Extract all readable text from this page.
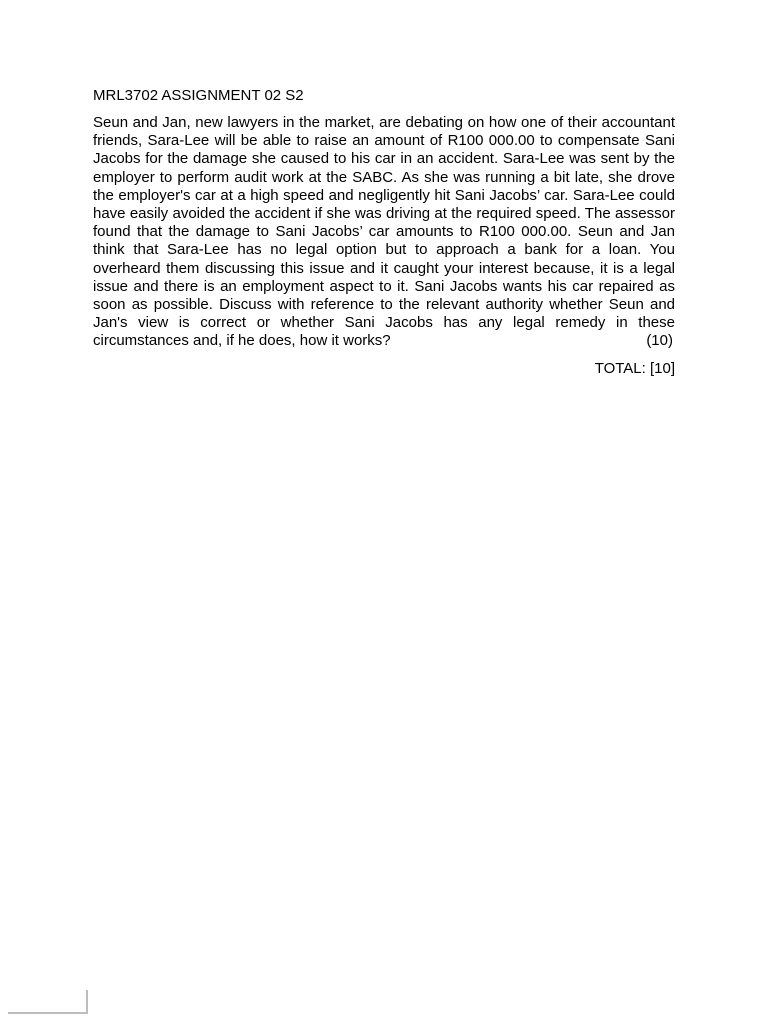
MRL3702 ASSIGNMENT 02 S2

Seun and Jan, new lawyers in the market, are debating on how one of their accountant friends, Sara-Lee will be able to raise an amount of R100 000.00 to compensate Sani Jacobs for the damage she caused to his car in an accident. Sara-Lee was sent by the employer to perform audit work at the SABC. As she was running a bit late, she drove the employer's car at a high speed and negligently hit Sani Jacobs’ car. Sara-Lee could have easily avoided the accident if she was driving at the required speed. The assessor found that the damage to Sani Jacobs’ car amounts to R100 000.00. Seun and Jan think that Sara-Lee has no legal option but to approach a bank for a loan. You overheard them discussing this issue and it caught your interest because, it is a legal issue and there is an employment aspect to it. Sani Jacobs wants his car repaired as soon as possible. Discuss with reference to the relevant authority whether Seun and Jan's view is correct or whether Sani Jacobs has any legal remedy in these circumstances and, if he does, how it works?	(10)
TOTAL: [10]
